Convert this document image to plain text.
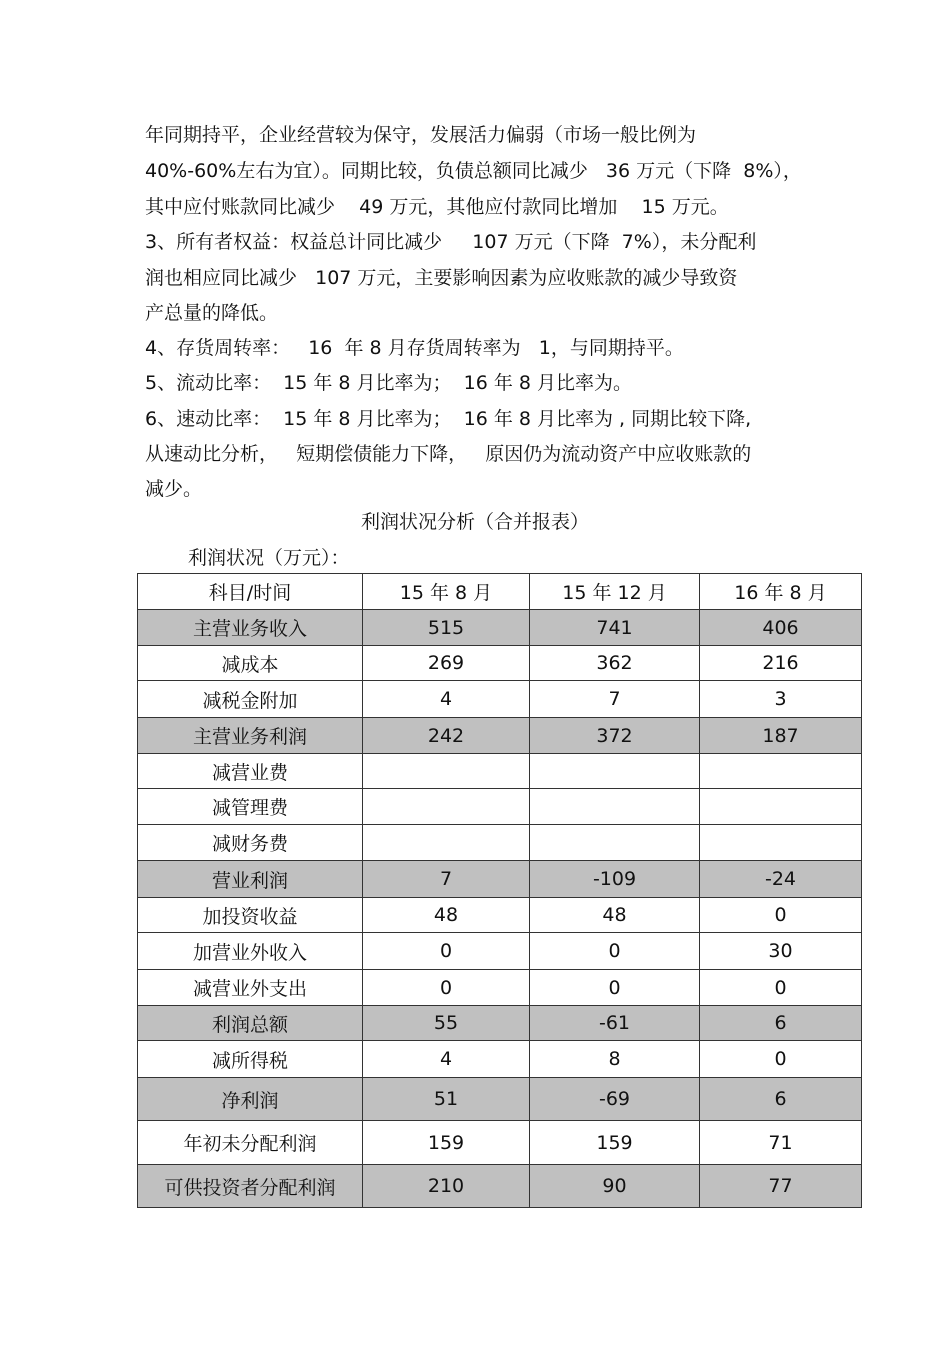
年同期持平，企业经营较为保守，发展活力偏弱（市场一般比例为
40%-60%左右为宜）。同期比较，负债总额同比减少   36 万元（下降  8%），
其中应付账款同比减少    49 万元，其他应付款同比增加    15 万元。
3、所有者权益：权益总计同比减少     107 万元（下降  7%），未分配利
润也相应同比减少   107 万元，主要影响因素为应收账款的减少导致资
产总量的降低。
4、存货周转率：   16  年 8 月存货周转率为   1，与同期持平。
5、流动比率：  15 年 8 月比率为；  16 年 8 月比率为。
6、速动比率：  15 年 8 月比率为；  16 年 8 月比率为 , 同期比较下降,
从速动比分析，   短期偿债能力下降，   原因仍为流动资产中应收账款的
减少。
利润状况分析（合并报表）
利润状况（万元）：
科目/时间	15 年 8 月	15 年 12 月	16 年 8 月
主营业务收入	515	741	406
减成本	269	362	216
减税金附加	4	7	3
主营业务利润	242	372	187
减营业费			
减管理费			
减财务费			
营业利润	7	-109	-24
加投资收益	48	48	0
加营业外收入	0	0	30
减营业外支出	0	0	0
利润总额	55	-61	6
减所得税	4	8	0
净利润	51	-69	6
年初未分配利润	159	159	71
可供投资者分配利润	210	90	77
